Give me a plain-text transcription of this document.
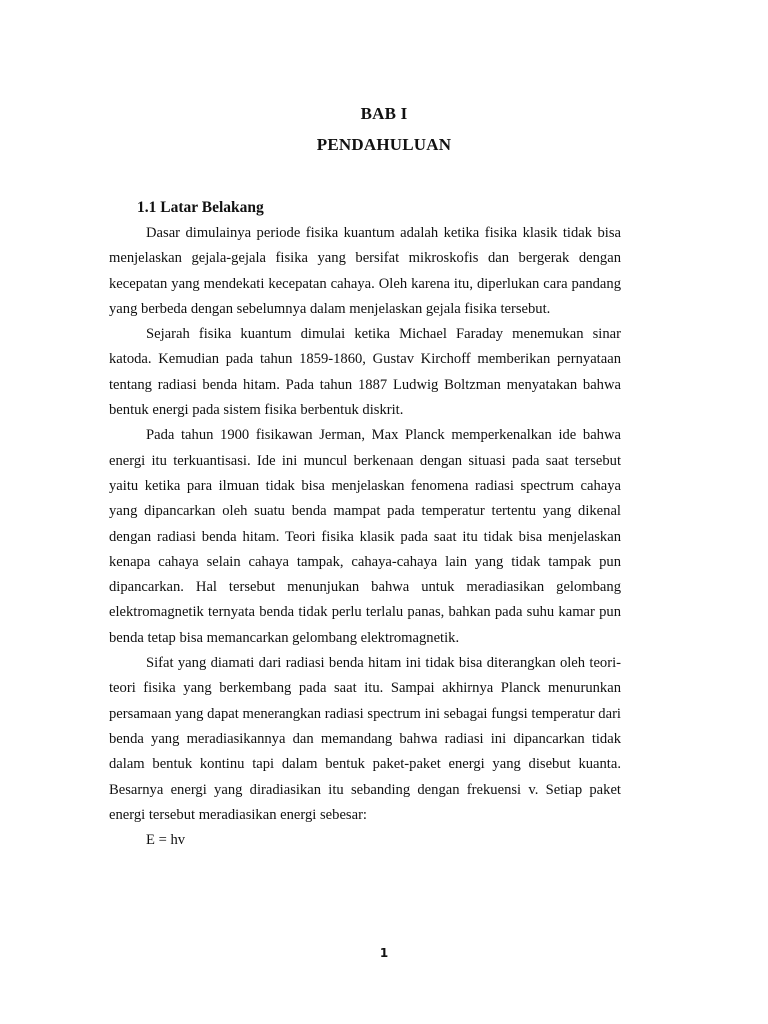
BAB I
PENDAHULUAN
1.1 Latar Belakang

Dasar dimulainya periode fisika kuantum adalah ketika fisika klasik tidak bisa menjelaskan gejala-gejala fisika yang bersifat mikroskofis dan bergerak dengan kecepatan yang mendekati kecepatan cahaya. Oleh karena itu, diperlukan cara pandang yang berbeda dengan sebelumnya dalam menjelaskan gejala fisika tersebut.

Sejarah fisika kuantum dimulai ketika Michael Faraday menemukan sinar katoda. Kemudian pada tahun 1859-1860, Gustav Kirchoff memberikan pernyataan tentang radiasi benda hitam. Pada tahun 1887 Ludwig Boltzman menyatakan bahwa bentuk energi pada sistem fisika berbentuk diskrit.

Pada tahun 1900 fisikawan Jerman, Max Planck memperkenalkan ide bahwa energi itu terkuantisasi. Ide ini muncul berkenaan dengan situasi pada saat tersebut yaitu ketika para ilmuan tidak bisa menjelaskan fenomena radiasi spectrum cahaya yang dipancarkan oleh suatu benda mampat pada temperatur tertentu yang dikenal dengan radiasi benda hitam. Teori fisika klasik pada saat itu tidak bisa menjelaskan kenapa cahaya selain cahaya tampak, cahaya-cahaya lain yang tidak tampak pun dipancarkan. Hal tersebut menunjukan bahwa untuk meradiasikan gelombang elektromagnetik ternyata benda tidak perlu terlalu panas, bahkan pada suhu kamar pun benda tetap bisa memancarkan gelombang elektromagnetik.

Sifat yang diamati dari radiasi benda hitam ini tidak bisa diterangkan oleh teori-teori fisika yang berkembang pada saat itu. Sampai akhirnya Planck menurunkan persamaan yang dapat menerangkan radiasi spectrum ini sebagai fungsi temperatur dari benda yang meradiasikannya dan memandang bahwa radiasi ini dipancarkan tidak dalam bentuk kontinu tapi dalam bentuk paket-paket energi yang disebut kuanta. Besarnya energi yang diradiasikan itu sebanding dengan frekuensi v. Setiap paket energi tersebut meradiasikan energi sebesar:

E = hv
1
